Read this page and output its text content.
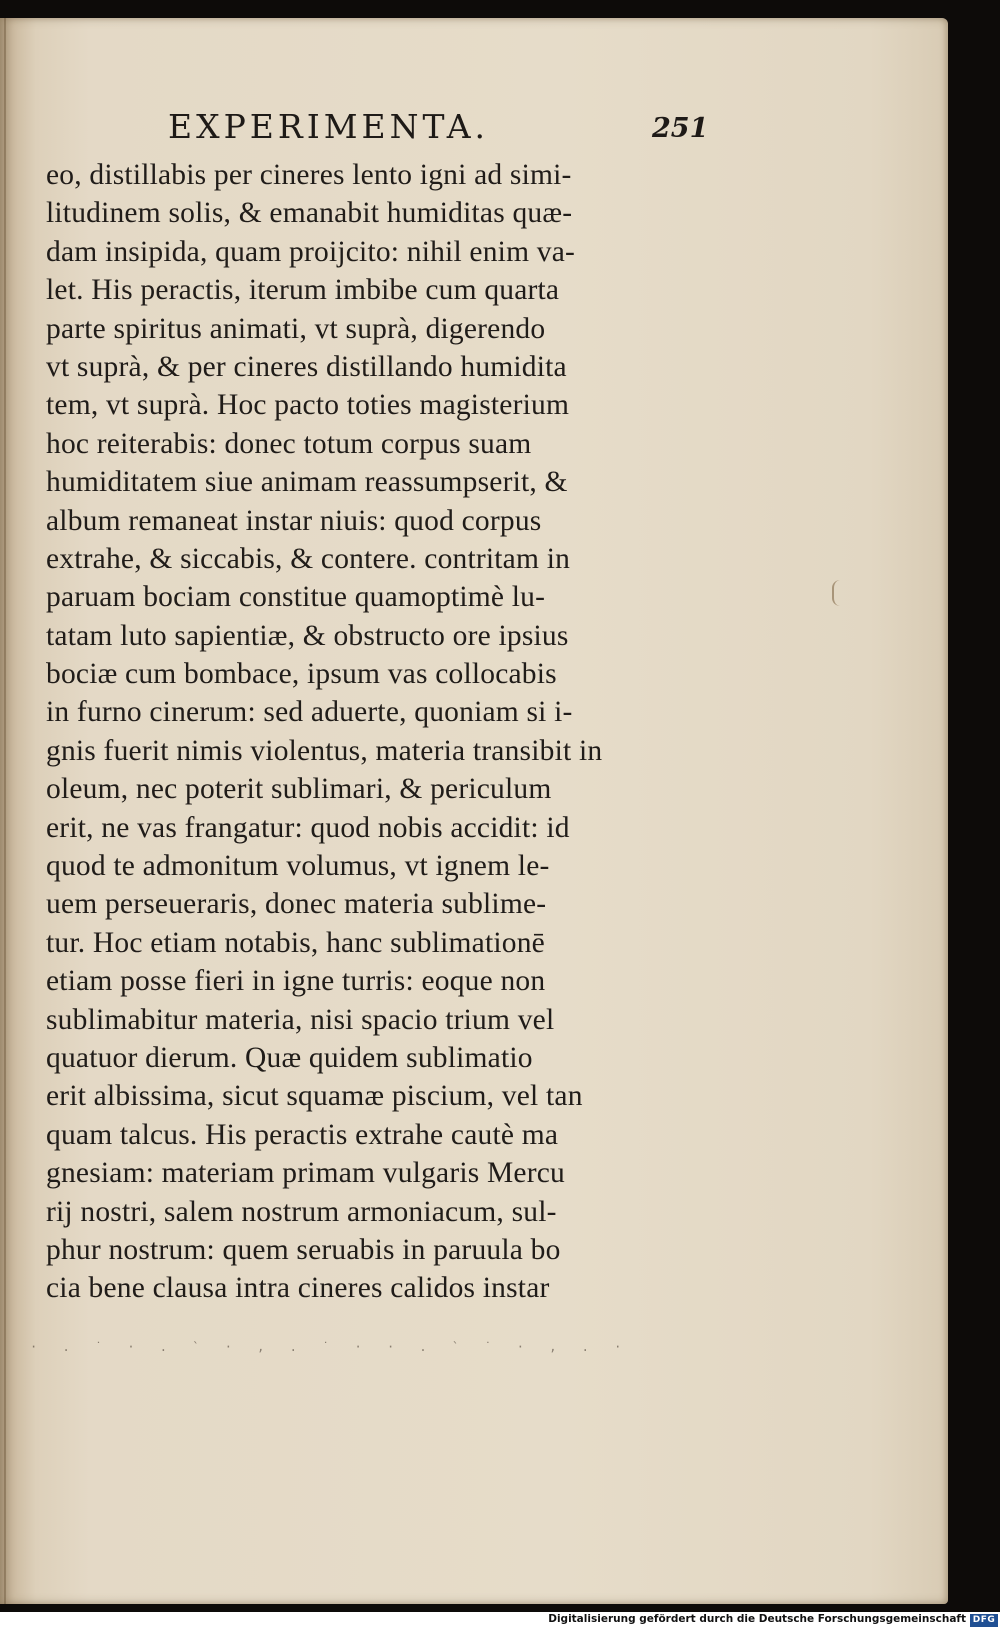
EXPERIMENTA.	251
eo, distillabis per cineres lento igni ad simi-
litudinem solis, & emanabit humiditas quæ-
dam insipida, quam proijcito: nihil enim va-
let. His peractis, iterum imbibe cum quarta
parte spiritus animati, vt suprà, digerendo
vt suprà, & per cineres distillando humidita
tem, vt suprà. Hoc pacto toties magisterium
hoc reiterabis: donec totum corpus suam
humiditatem siue animam reassumpserit, &
album remaneat instar niuis: quod corpus
extrahe, & siccabis, & contere. contritam in
paruam bociam constitue quamoptimè lu-
tatam luto sapientiæ, & obstructo ore ipsius
bociæ cum bombace, ipsum vas collocabis
in furno cinerum: sed aduerte, quoniam si i-
gnis fuerit nimis violentus, materia transibit in
oleum, nec poterit sublimari, & periculum
erit, ne vas frangatur: quod nobis accidit: id
quod te admonitum volumus, vt ignem le-
uem perseueraris, donec materia sublime-
tur. Hoc etiam notabis, hanc sublimationē
etiam posse fieri in igne turris: eoque non
sublimabitur materia, nisi spacio trium vel
quatuor dierum. Quæ quidem sublimatio
erit albissima, sicut squamæ piscium, vel tan
quam talcus. His peractis extrahe cautè ma
gnesiam: materiam primam vulgaris Mercu
rij nostri, salem nostrum armoniacum, sul-
phur nostrum: quem seruabis in paruula bo
cia bene clausa intra cineres calidos instar
· . ˙ · . ` · , . ˙ · · . ` ˙ · , . ·
Digitalisierung gefördert durch die Deutsche Forschungsgemeinschaft DFG
